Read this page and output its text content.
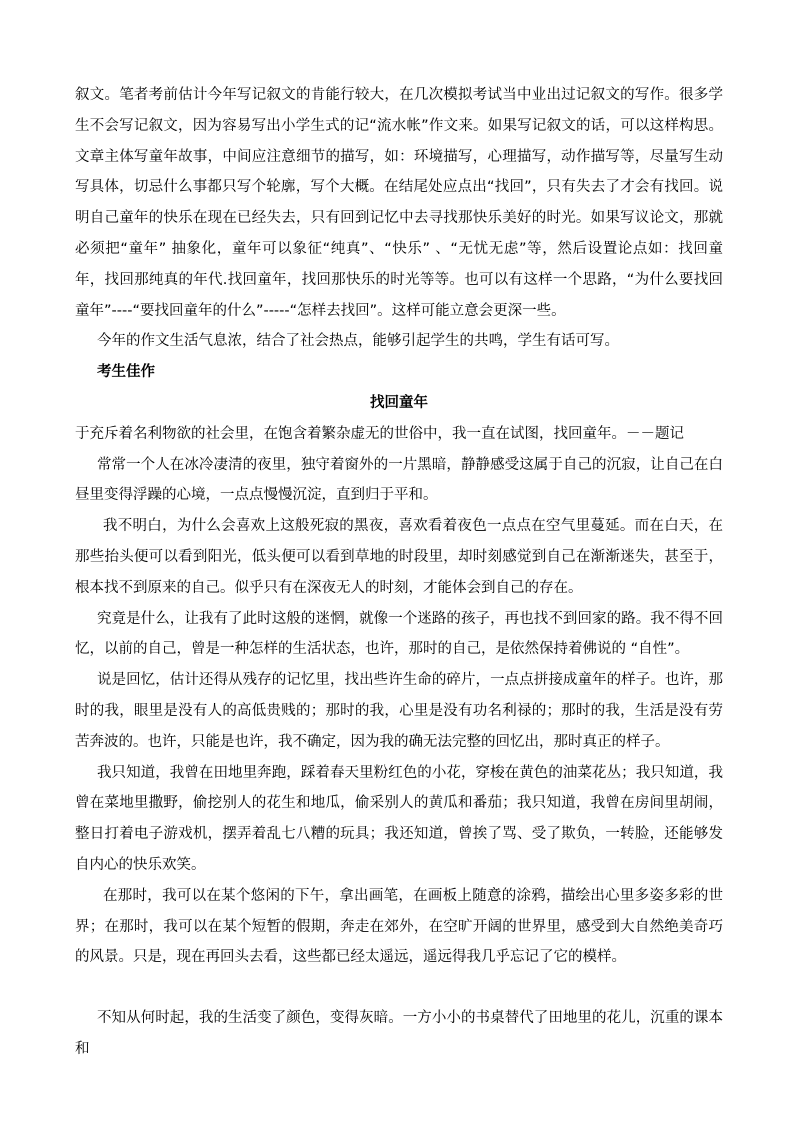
叙文。笔者考前估计今年写记叙文的肯能行较大，在几次模拟考试当中业出过记叙文的写作。很多学生不会写记叙文，因为容易写出小学生式的记“流水帐”作文来。如果写记叙文的话，可以这样构思。文章主体写童年故事，中间应注意细节的描写，如：环境描写，心理描写，动作描写等，尽量写生动写具体，切忌什么事都只写个轮廓，写个大概。在结尾处应点出“找回”，只有失去了才会有找回。说明自己童年的快乐在现在已经失去，只有回到记忆中去寻找那快乐美好的时光。如果写议论文，那就必须把“童年” 抽象化，童年可以象征“纯真”、“快乐” 、“无忧无虑”等，然后设置论点如：找回童年，找回那纯真的年代.找回童年，找回那快乐的时光等等。也可以有这样一个思路，“为什么要找回童年”----“要找回童年的什么”-----“怎样去找回”。这样可能立意会更深一些。

今年的作文生活气息浓，结合了社会热点，能够引起学生的共鸣，学生有话可写。

考生佳作

找回童年

于充斥着名利物欲的社会里，在饱含着繁杂虚无的世俗中，我一直在试图，找回童年。－－题记

常常一个人在冰冷凄清的夜里，独守着窗外的一片黑暗，静静感受这属于自己的沉寂，让自己在白昼里变得浮躁的心境，一点点慢慢沉淀，直到归于平和。

我不明白，为什么会喜欢上这般死寂的黑夜，喜欢看着夜色一点点在空气里蔓延。而在白天，在那些抬头便可以看到阳光，低头便可以看到草地的时段里，却时刻感觉到自己在渐渐迷失，甚至于，根本找不到原来的自己。似乎只有在深夜无人的时刻，才能体会到自己的存在。

究竟是什么，让我有了此时这般的迷惘，就像一个迷路的孩子，再也找不到回家的路。我不得不回忆，以前的自己，曾是一种怎样的生活状态，也许，那时的自己，是依然保持着佛说的 “自性”。

说是回忆，估计还得从残存的记忆里，找出些许生命的碎片，一点点拼接成童年的样子。也许，那时的我，眼里是没有人的高低贵贱的；那时的我，心里是没有功名利禄的；那时的我，生活是没有劳苦奔波的。也许，只能是也许，我不确定，因为我的确无法完整的回忆出，那时真正的样子。

我只知道，我曾在田地里奔跑，踩着春天里粉红色的小花，穿梭在黄色的油菜花丛；我只知道，我曾在菜地里撒野，偷挖别人的花生和地瓜，偷采别人的黄瓜和番茄；我只知道，我曾在房间里胡闹，整日打着电子游戏机，摆弄着乱七八糟的玩具；我还知道，曾挨了骂、受了欺负，一转脸，还能够发自内心的快乐欢笑。

在那时，我可以在某个悠闲的下午，拿出画笔，在画板上随意的涂鸦，描绘出心里多姿多彩的世界；在那时，我可以在某个短暂的假期，奔走在郊外，在空旷开阔的世界里，感受到大自然绝美奇巧的风景。只是，现在再回头去看，这些都已经太遥远，遥远得我几乎忘记了它的模样。

不知从何时起，我的生活变了颜色，变得灰暗。一方小小的书桌替代了田地里的花儿，沉重的课本和
